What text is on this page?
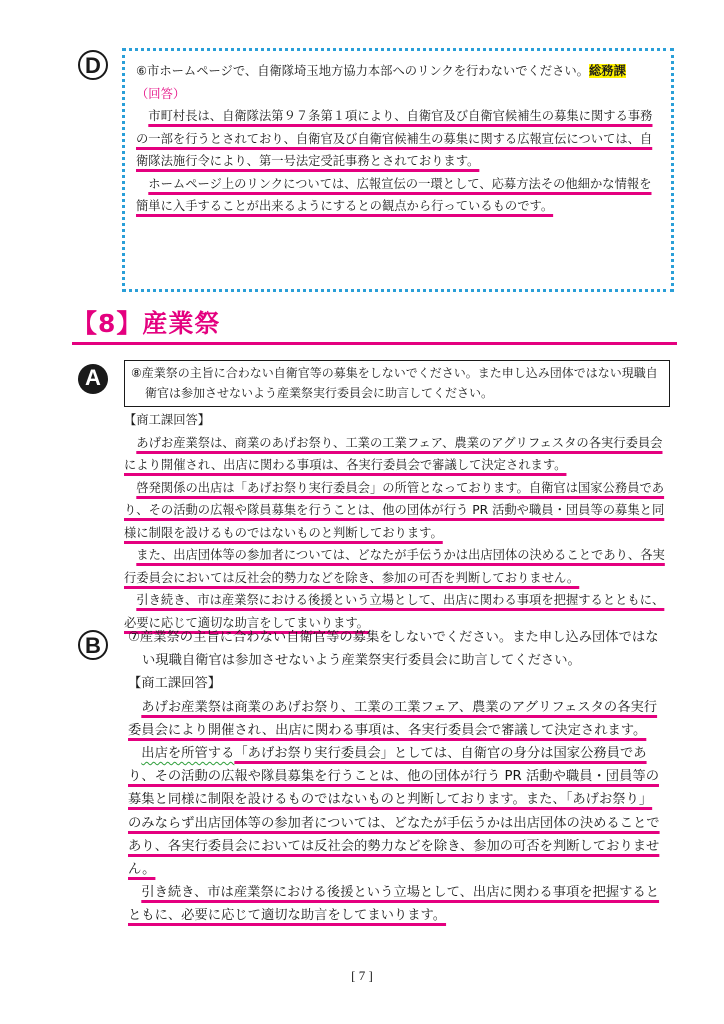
D	⑥市ホームページで、自衛隊埼玉地方協力本部へのリンクを行わないでください。総務課

（回答）

市町村長は、自衛隊法第９７条第１項により、自衛官及び自衛官候補生の募集に関する事務の一部を行うとされており、自衛官及び自衛官候補生の募集に関する広報宣伝については、自衛隊法施行令により、第一号法定受託事務とされております。

ホームページ上のリンクについては、広報宣伝の一環として、応募方法その他細かな情報を簡単に入手することが出来るようにするとの観点から行っているものです。

【8】産業祭
A	⑧産業祭の主旨に合わない自衛官等の募集をしないでください。また申し込み団体ではない現職自衛官は参加させないよう産業祭実行委員会に助言してください。

【商工課回答】

あげお産業祭は、商業のあげお祭り、工業の工業フェア、農業のアグリフェスタの各実行委員会により開催され、出店に関わる事項は、各実行委員会で審議して決定されます。

啓発関係の出店は「あげお祭り実行委員会」の所管となっております。自衛官は国家公務員であり、その活動の広報や隊員募集を行うことは、他の団体が行う PR 活動や職員・団員等の募集と同様に制限を設けるものではないものと判断しております。

また、出店団体等の参加者については、どなたが手伝うかは出店団体の決めることであり、各実行委員会においては反社会的勢力などを除き、参加の可否を判断しておりません。

引き続き、市は産業祭における後援という立場として、出店に関わる事項を把握するとともに、必要に応じて適切な助言をしてまいります。

B	⑦産業祭の主旨に合わない自衛官等の募集をしないでください。また申し込み団体ではない現職自衛官は参加させないよう産業祭実行委員会に助言してください。

【商工課回答】

あげお産業祭は商業のあげお祭り、工業の工業フェア、農業のアグリフェスタの各実行委員会により開催され、出店に関わる事項は、各実行委員会で審議して決定されます。

出店を所管する「あげお祭り実行委員会」としては、自衛官の身分は国家公務員であり、その活動の広報や隊員募集を行うことは、他の団体が行う PR 活動や職員・団員等の募集と同様に制限を設けるものではないものと判断しております。また、「あげお祭り」のみならず出店団体等の参加者については、どなたが手伝うかは出店団体の決めることであり、各実行委員会においては反社会的勢力などを除き、参加の可否を判断しておりません。

引き続き、市は産業祭における後援という立場として、出店に関わる事項を把握するとともに、必要に応じて適切な助言をしてまいります。

[ 7 ]
